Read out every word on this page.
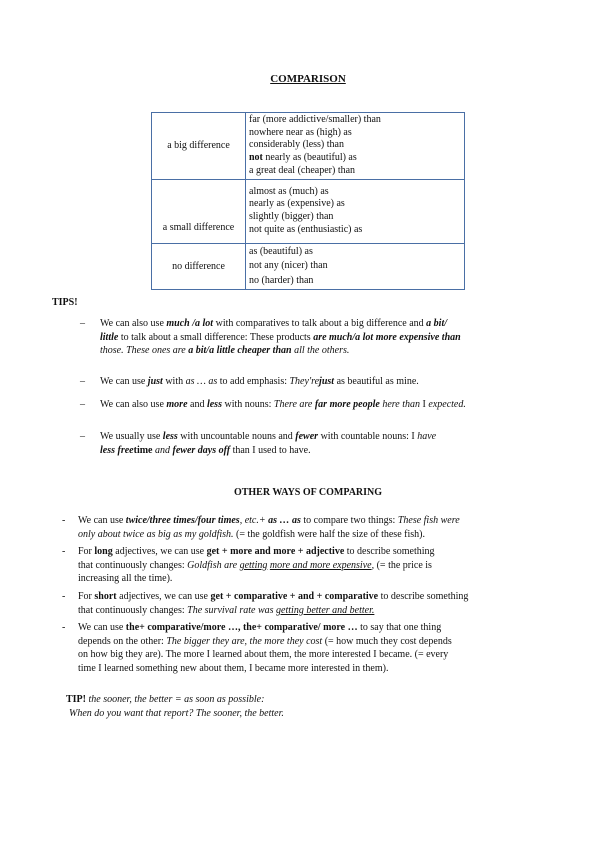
COMPARISON
a big difference	far (more addictive/smaller) than
nowhere near as (high) as
considerably (less) than
not nearly as (beautiful) as
a great deal (cheaper) than

a small difference	almost as (much) as
nearly as (expensive) as
slightly (bigger) than
not quite as (enthusiastic) as

no difference	as (beautiful) as
not any (nicer) than
no (harder) than
TIPS!
– We can also use much /a lot with comparatives to talk about a big difference and a bit/
little to talk about a small difference: These products are much/a lot more expensive than
those. These ones are a bit/a little cheaper than all the others.
– We can use just with as … as to add emphasis: They'rejust as beautiful as mine.
– We can also use more and less with nouns: There are far more people here than I expected.
– We usually use less with uncountable nouns and fewer with countable nouns: I have
less freetime and fewer days off than I used to have.
OTHER WAYS OF COMPARING
- We can use twice/three times/four times, etc.+ as … as to compare two things: These fish were
only about twice as big as my goldfish. (= the goldfish were half the size of these fish).
- For long adjectives, we can use get + more and more + adjective to describe something
that continuously changes: Goldfish are getting more and more expensive, (= the price is
increasing all the time).
- For short adjectives, we can use get + comparative + and + comparative to describe something
that continuously changes: The survival rate was getting better and better.
- We can use the+ comparative/more …, the+ comparative/ more … to say that one thing
depends on the other: The bigger they are, the more they cost (= how much they cost depends
on how big they are). The more I learned about them, the more interested I became. (= every
time I learned something new about them, I became more interested in them).
TIP! the sooner, the better = as soon as possible:
When do you want that report? The sooner, the better.
